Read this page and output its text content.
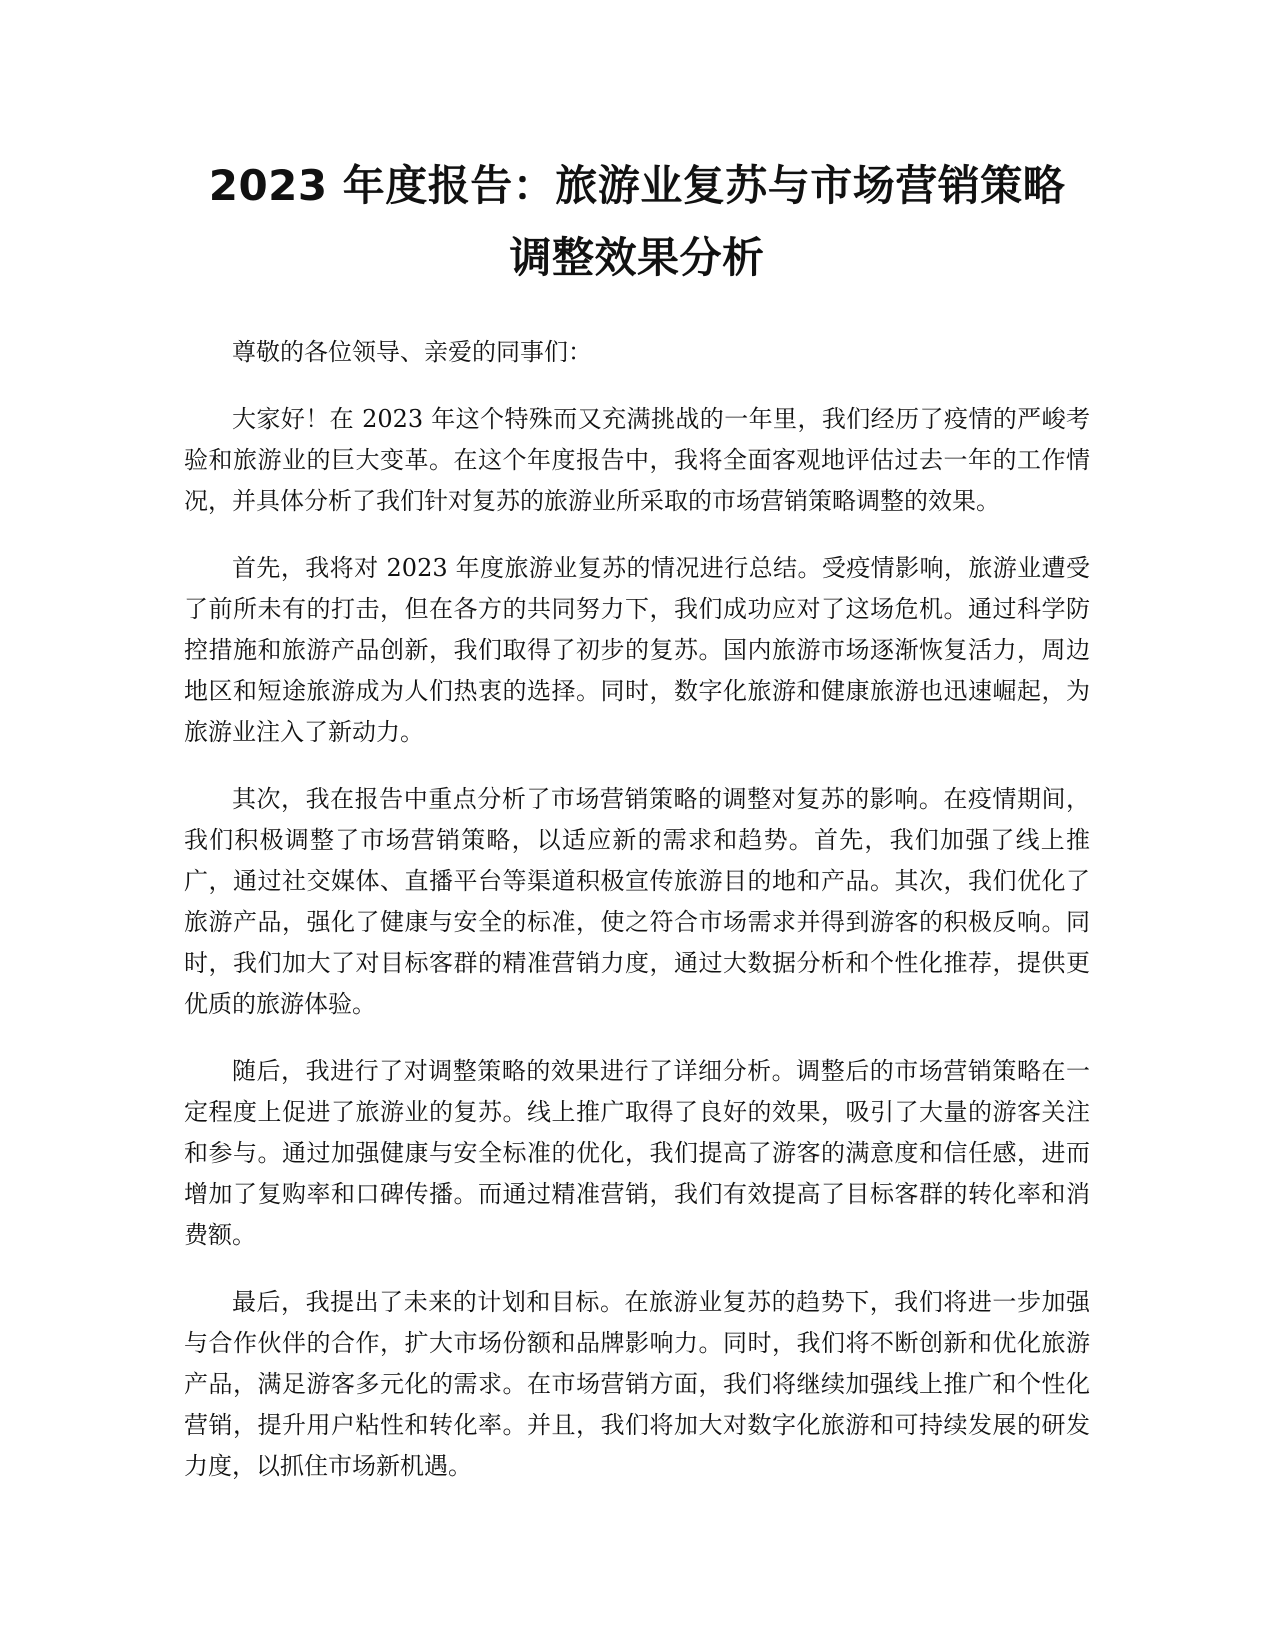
2023 年度报告：旅游业复苏与市场营销策略
调整效果分析

尊敬的各位领导、亲爱的同事们：

大家好！在 2023 年这个特殊而又充满挑战的一年里，我们经历了疫情的严峻考验和旅游业的巨大变革。在这个年度报告中，我将全面客观地评估过去一年的工作情况，并具体分析了我们针对复苏的旅游业所采取的市场营销策略调整的效果。

首先，我将对 2023 年度旅游业复苏的情况进行总结。受疫情影响，旅游业遭受了前所未有的打击，但在各方的共同努力下，我们成功应对了这场危机。通过科学防控措施和旅游产品创新，我们取得了初步的复苏。国内旅游市场逐渐恢复活力，周边地区和短途旅游成为人们热衷的选择。同时，数字化旅游和健康旅游也迅速崛起，为旅游业注入了新动力。

其次，我在报告中重点分析了市场营销策略的调整对复苏的影响。在疫情期间，我们积极调整了市场营销策略，以适应新的需求和趋势。首先，我们加强了线上推广，通过社交媒体、直播平台等渠道积极宣传旅游目的地和产品。其次，我们优化了旅游产品，强化了健康与安全的标准，使之符合市场需求并得到游客的积极反响。同时，我们加大了对目标客群的精准营销力度，通过大数据分析和个性化推荐，提供更优质的旅游体验。

随后，我进行了对调整策略的效果进行了详细分析。调整后的市场营销策略在一定程度上促进了旅游业的复苏。线上推广取得了良好的效果，吸引了大量的游客关注和参与。通过加强健康与安全标准的优化，我们提高了游客的满意度和信任感，进而增加了复购率和口碑传播。而通过精准营销，我们有效提高了目标客群的转化率和消费额。

最后，我提出了未来的计划和目标。在旅游业复苏的趋势下，我们将进一步加强与合作伙伴的合作，扩大市场份额和品牌影响力。同时，我们将不断创新和优化旅游产品，满足游客多元化的需求。在市场营销方面，我们将继续加强线上推广和个性化营销，提升用户粘性和转化率。并且，我们将加大对数字化旅游和可持续发展的研发力度，以抓住市场新机遇。
